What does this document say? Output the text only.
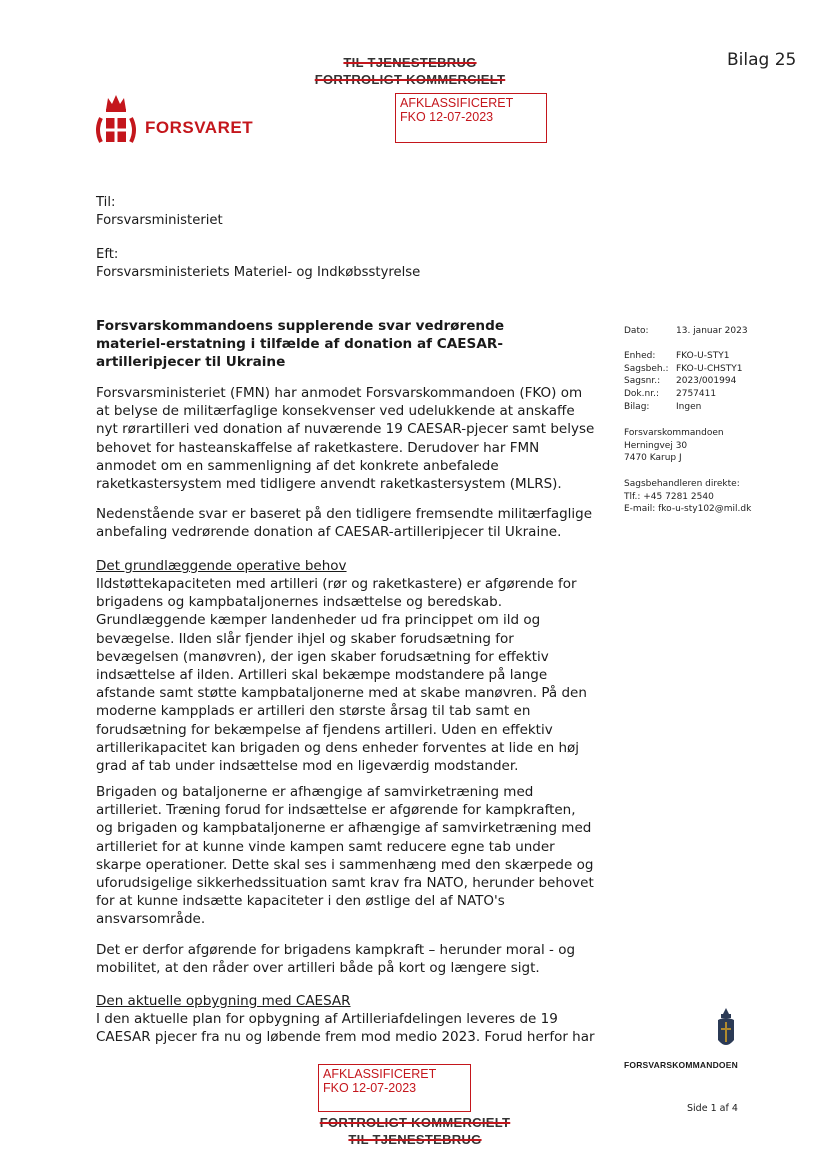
Bilag 25
TIL TJENESTEBRUG
FORTROLIGT KOMMERCIELT
AFKLASSIFICERET
FKO 12-07-2023
FORSVARET
Til:
Forsvarsministeriet
Eft:
Forsvarsministeriets Materiel- og Indkøbsstyrelse
Forsvarskommandoens supplerende svar vedrørende materiel-erstatning i tilfælde af donation af CAESAR-artilleripjecer til Ukraine
Dato:	13. januar 2023
Enhed:	FKO-U-STY1
Sagsbeh.: FKO-U-CHSTY1
Sagsnr.:	2023/001994
Dok.nr.:	2757411
Bilag:	Ingen
Forsvarskommandoen
Herningvej 30
7470 Karup J
Sagsbehandleren direkte:
Tlf.: +45 7281 2540
E-mail: fko-u-sty102@mil.dk
Forsvarsministeriet (FMN) har anmodet Forsvarskommandoen (FKO) om at belyse de militærfaglige konsekvenser ved udelukkende at anskaffe nyt rørartilleri ved donation af nuværende 19 CAESAR-pjecer samt belyse behovet for hasteanskaffelse af raketkastere. Derudover har FMN anmodet om en sammenligning af det konkrete anbefalede raketkastersystem med tidligere anvendt raketkastersystem (MLRS).
Nedenstående svar er baseret på den tidligere fremsendte militærfaglige anbefaling vedrørende donation af CAESAR-artilleripjecer til Ukraine.
Det grundlæggende operative behov
Ildstøttekapaciteten med artilleri (rør og raketkastere) er afgørende for brigadens og kampbataljonernes indsættelse og beredskab. Grundlæggende kæmper landenheder ud fra princippet om ild og bevægelse. Ilden slår fjender ihjel og skaber forudsætning for bevægelsen (manøvren), der igen skaber forudsætning for effektiv indsættelse af ilden. Artilleri skal bekæmpe modstandere på lange afstande samt støtte kampbataljonerne med at skabe manøvren. På den moderne kampplads er artilleri den største årsag til tab samt en forudsætning for bekæmpelse af fjendens artilleri. Uden en effektiv artillerikapacitet kan brigaden og dens enheder forventes at lide en høj grad af tab under indsættelse mod en ligeværdig modstander.
Brigaden og bataljonerne er afhængige af samvirketræning med artilleriet. Træning forud for indsættelse er afgørende for kampkraften, og brigaden og kampbataljonerne er afhængige af samvirketræning med artilleriet for at kunne vinde kampen samt reducere egne tab under skarpe operationer. Dette skal ses i sammenhæng med den skærpede og uforudsigelige sikkerhedssituation samt krav fra NATO, herunder behovet for at kunne indsætte kapaciteter i den østlige del af NATO's ansvarsområde.
Det er derfor afgørende for brigadens kampkraft – herunder moral - og mobilitet, at den råder over artilleri både på kort og længere sigt.
Den aktuelle opbygning med CAESAR
I den aktuelle plan for opbygning af Artilleriafdelingen leveres de 19 CAESAR pjecer fra nu og løbende frem mod medio 2023. Forud herfor har
FORSVARSKOMMANDOEN
Side 1 af 4
AFKLASSIFICERET
FKO 12-07-2023
FORTROLIGT KOMMERCIELT
TIL TJENESTEBRUG
